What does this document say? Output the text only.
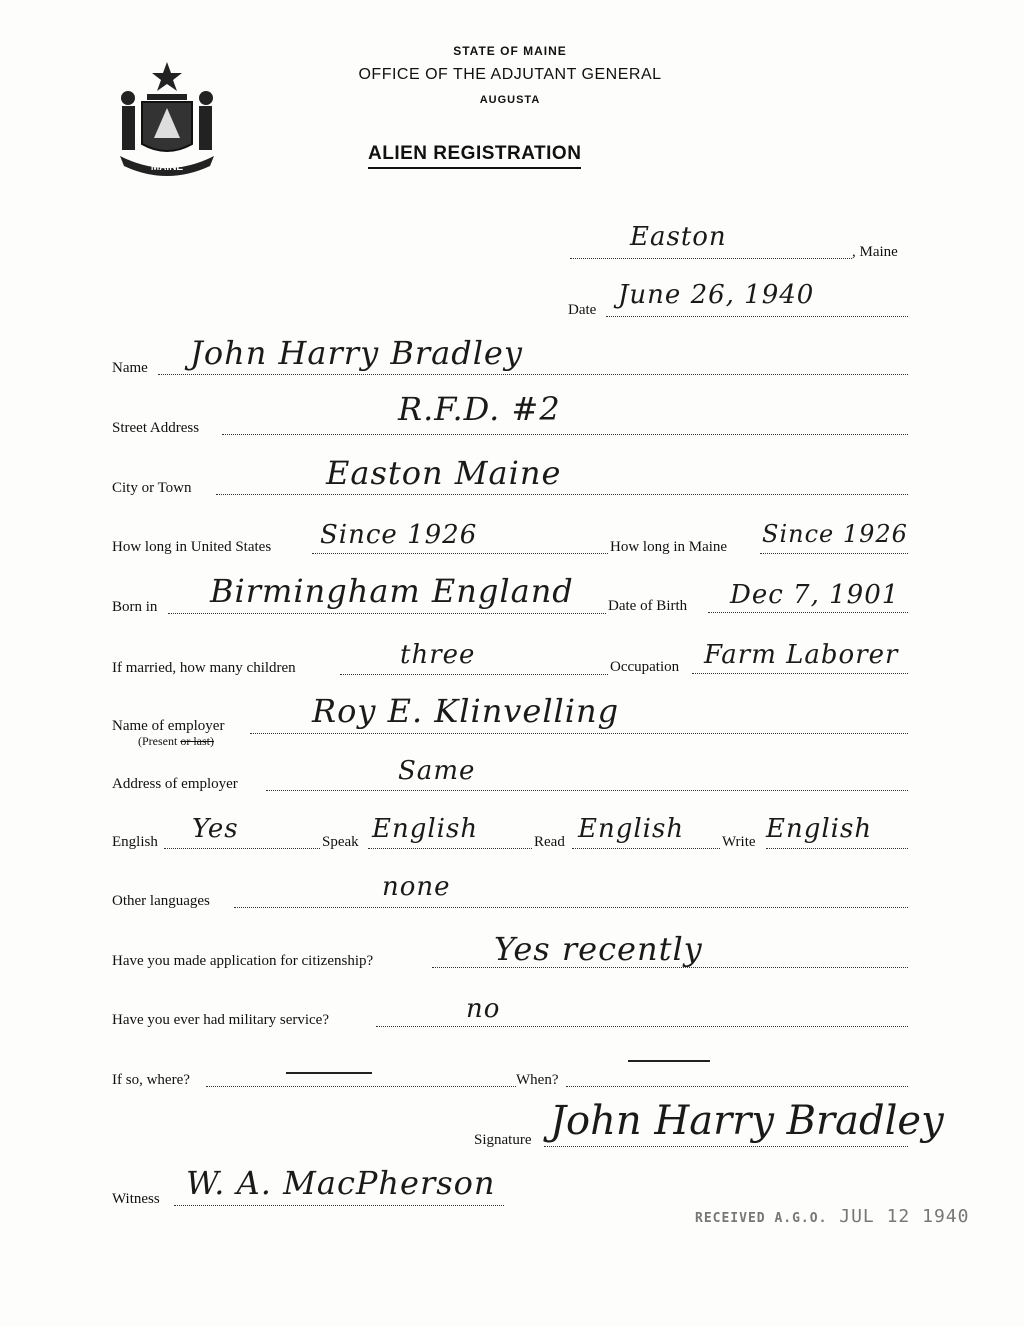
MAINE
STATE OF MAINE
OFFICE OF THE ADJUTANT GENERAL
AUGUSTA
ALIEN REGISTRATION
Easton	, Maine
Date June 26, 1940
Name John Harry Bradley
Street Address	R.F.D. #2
City or Town	Easton Maine
How long in United States Since 1926	How long in Maine Since 1926
Born in Birmingham England Date of Birth Dec 7, 1901
If married, how many children	three	Occupation Farm Laborer
Name of employer
(Present or last)
Roy E. Klinvelling
Address of employer	Same
English Yes	Speak English	Read English	Write English
Other languages	none
Have you made application for citizenship?	Yes recently
Have you ever had military service?	no
If so, where?	When?
Signature John Harry Bradley
Witness W. A. MacPherson
RECEIVED A.G.O. JUL 12 1940
